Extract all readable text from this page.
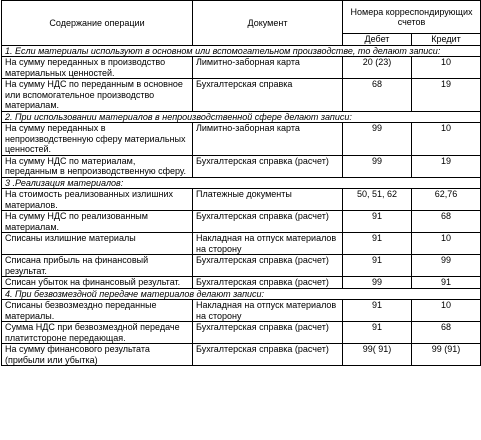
Содержание операции	Документ	Номера корреспондирующих счетов	
		Дебет	Кредит
1. Если материалы используют в основном или вспомогательном производстве, то делают записи:			
На сумму переданных в производство материальных ценностей.	Лимитно-заборная карта	20 (23)	10
На сумму НДС по переданным в основное или вспомогательное производство материалам.	Бухгалтерская справка	68	19
2. При использовании материалов в непроизводственной сфере делают записи:			
На сумму переданных в непроизводственную сферу материальных ценностей.	Лимитно-заборная карта	99	10
На сумму НДС по материалам, переданным в непроизводственную сферу.	Бухгалтерская справка (расчет)	99	19
3 .Реализация материалов:			
На стоимость реализованных излишних материалов.	Платежные документы	50, 51, 62	62,76
На сумму НДС по реализованным материалам.	Бухгалтерская справка (расчет)	91	68
Списаны излишние материалы	Накладная на отпуск материалов на сторону	91	10
Списана прибыль на финансовый результат.	Бухгалтерская справка (расчет)	91	99
Списан убыток на финансовый результат.	Бухгалтерская справка (расчет)	99	91
4. При безвозмездной передаче материалов делают записи:			
Списаны безвозмездно переданные материалы.	Накладная на отпуск материалов на сторону	91	10
Сумма НДС при безвозмездной передаче платитстороне передающая.	Бухгалтерская справка (расчет)	91	68
На сумму финансового результата (прибыли или убытка)	Бухгалтерская справка (расчет)	99( 91)	99 (91)
